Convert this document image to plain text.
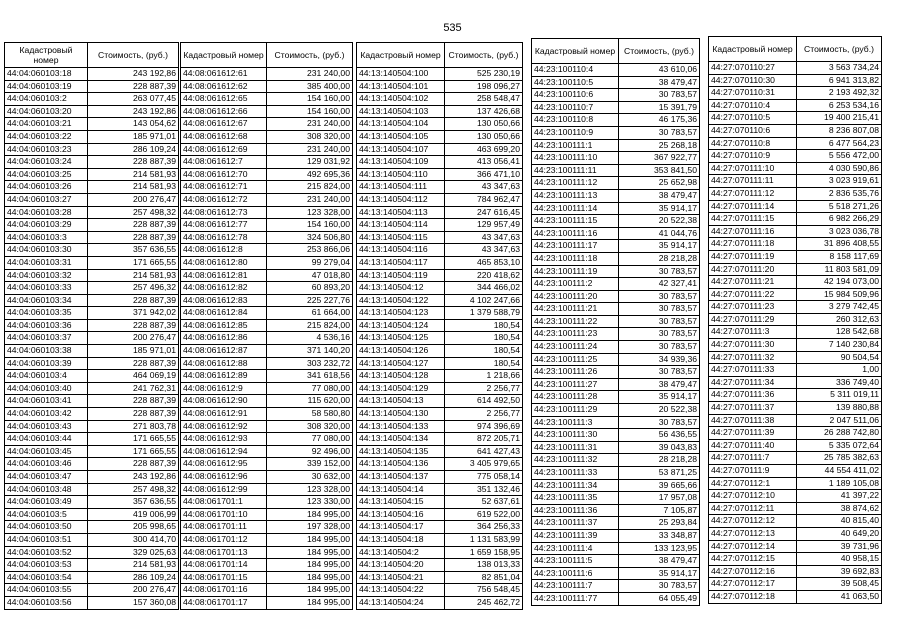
535
Кадастровый номер	Стоимость, (руб.)
44:04:060103:18	243 192,86
44:04:060103:19	228 887,39
44:04:060103:2	263 077,45
44:04:060103:20	243 192,86
44:04:060103:21	143 054,62
44:04:060103:22	185 971,01
44:04:060103:23	286 109,24
44:04:060103:24	228 887,39
44:04:060103:25	214 581,93
44:04:060103:26	214 581,93
44:04:060103:27	200 276,47
44:04:060103:28	257 498,32
44:04:060103:29	228 887,39
44:04:060103:3	228 887,39
44:04:060103:30	357 636,55
44:04:060103:31	171 665,55
44:04:060103:32	214 581,93
44:04:060103:33	257 496,32
44:04:060103:34	228 887,39
44:04:060103:35	371 942,02
44:04:060103:36	228 887,39
44:04:060103:37	200 276,47
44:04:060103:38	185 971,01
44:04:060103:39	228 887,39
44:04:060103:4	464 069,19
44:04:060103:40	241 762,31
44:04:060103:41	228 887,39
44:04:060103:42	228 887,39
44:04:060103:43	271 803,78
44:04:060103:44	171 665,55
44:04:060103:45	171 665,55
44:04:060103:46	228 887,39
44:04:060103:47	243 192,86
44:04:060103:48	257 498,32
44:04:060103:49	357 636,55
44:04:060103:5	419 006,99
44:04:060103:50	205 998,65
44:04:060103:51	300 414,70
44:04:060103:52	329 025,63
44:04:060103:53	214 581,93
44:04:060103:54	286 109,24
44:04:060103:55	200 276,47
44:04:060103:56	157 360,08
Кадастровый номер	Стоимость, (руб.)
44:08:061612:61	231 240,00
44:08:061612:62	385 400,00
44:08:061612:65	154 160,00
44:08:061612:66	154 160,00
44:08:061612:67	231 240,00
44:08:061612:68	308 320,00
44:08:061612:69	231 240,00
44:08:061612:7	129 031,92
44:08:061612:70	492 695,36
44:08:061612:71	215 824,00
44:08:061612:72	231 240,00
44:08:061612:73	123 328,00
44:08:061612:77	154 160,00
44:08:061612:78	324 506,80
44:08:061612:8	253 866,06
44:08:061612:80	99 279,04
44:08:061612:81	47 018,80
44:08:061612:82	60 893,20
44:08:061612:83	225 227,76
44:08:061612:84	61 664,00
44:08:061612:85	215 824,00
44:08:061612:86	4 536,16
44:08:061612:87	371 140,20
44:08:061612:88	303 232,72
44:08:061612:89	341 618,56
44:08:061612:9	77 080,00
44:08:061612:90	115 620,00
44:08:061612:91	58 580,80
44:08:061612:92	308 320,00
44:08:061612:93	77 080,00
44:08:061612:94	92 496,00
44:08:061612:95	339 152,00
44:08:061612:96	30 632,00
44:08:061612:99	123 328,00
44:08:061701:1	123 330,00
44:08:061701:10	184 995,00
44:08:061701:11	197 328,00
44:08:061701:12	184 995,00
44:08:061701:13	184 995,00
44:08:061701:14	184 995,00
44:08:061701:15	184 995,00
44:08:061701:16	184 995,00
44:08:061701:17	184 995,00
Кадастровый номер	Стоимость, (руб.)
44:13:140504:100	525 230,19
44:13:140504:101	198 096,27
44:13:140504:102	258 548,47
44:13:140504:103	137 426,68
44:13:140504:104	130 050,66
44:13:140504:105	130 050,66
44:13:140504:107	463 699,20
44:13:140504:109	413 056,41
44:13:140504:110	366 471,10
44:13:140504:111	43 347,63
44:13:140504:112	784 962,47
44:13:140504:113	247 616,45
44:13:140504:114	129 957,49
44:13:140504:115	43 347,63
44:13:140504:116	43 347,63
44:13:140504:117	465 853,10
44:13:140504:119	220 418,62
44:13:140504:12	344 466,02
44:13:140504:122	4 102 247,66
44:13:140504:123	1 379 588,79
44:13:140504:124	180,54
44:13:140504:125	180,54
44:13:140504:126	180,54
44:13:140504:127	180,54
44:13:140504:128	1 218,66
44:13:140504:129	2 256,77
44:13:140504:13	614 492,50
44:13:140504:130	2 256,77
44:13:140504:133	974 396,69
44:13:140504:134	872 205,71
44:13:140504:135	641 427,43
44:13:140504:136	3 405 979,65
44:13:140504:137	775 058,14
44:13:140504:14	351 132,46
44:13:140504:15	52 637,61
44:13:140504:16	619 522,00
44:13:140504:17	364 256,33
44:13:140504:18	1 131 583,99
44:13:140504:2	1 659 158,95
44:13:140504:20	138 013,33
44:13:140504:21	82 851,04
44:13:140504:22	756 548,45
44:13:140504:24	245 462,72
Кадастровый номер	Стоимость, (руб.)
44:23:100110:4	43 610,06
44:23:100110:5	38 479,47
44:23:100110:6	30 783,57
44:23:100110:7	15 391,79
44:23:100110:8	46 175,36
44:23:100110:9	30 783,57
44:23:100111:1	25 268,18
44:23:100111:10	367 922,77
44:23:100111:11	353 841,50
44:23:100111:12	25 652,98
44:23:100111:13	38 479,47
44:23:100111:14	35 914,17
44:23:100111:15	20 522,38
44:23:100111:16	41 044,76
44:23:100111:17	35 914,17
44:23:100111:18	28 218,28
44:23:100111:19	30 783,57
44:23:100111:2	42 327,41
44:23:100111:20	30 783,57
44:23:100111:21	30 783,57
44:23:100111:22	30 783,57
44:23:100111:23	30 783,57
44:23:100111:24	30 783,57
44:23:100111:25	34 939,36
44:23:100111:26	30 783,57
44:23:100111:27	38 479,47
44:23:100111:28	35 914,17
44:23:100111:29	20 522,38
44:23:100111:3	30 783,57
44:23:100111:30	56 436,55
44:23:100111:31	39 043,83
44:23:100111:32	28 218,28
44:23:100111:33	53 871,25
44:23:100111:34	39 665,66
44:23:100111:35	17 957,08
44:23:100111:36	7 105,87
44:23:100111:37	25 293,84
44:23:100111:39	33 348,87
44:23:100111:4	133 123,95
44:23:100111:5	38 479,47
44:23:100111:6	35 914,17
44:23:100111:7	30 783,57
44:23:100111:77	64 055,49
Кадастровый номер	Стоимость, (руб.)
44:27:070110:27	3 563 734,24
44:27:070110:30	6 941 313,82
44:27:070110:31	2 193 492,32
44:27:070110:4	6 253 534,16
44:27:070110:5	19 400 215,41
44:27:070110:6	8 236 807,08
44:27:070110:8	6 477 564,23
44:27:070110:9	5 556 472,00
44:27:070111:10	4 030 590,86
44:27:070111:11	3 023 919,61
44:27:070111:12	2 836 535,76
44:27:070111:14	5 518 271,26
44:27:070111:15	6 982 266,29
44:27:070111:16	3 023 036,78
44:27:070111:18	31 896 408,55
44:27:070111:19	8 158 117,69
44:27:070111:20	11 803 581,09
44:27:070111:21	42 194 073,00
44:27:070111:22	15 984 509,96
44:27:070111:23	3 279 742,45
44:27:070111:29	260 312,63
44:27:070111:3	128 542,68
44:27:070111:30	7 140 230,84
44:27:070111:32	90 504,54
44:27:070111:33	1,00
44:27:070111:34	336 749,40
44:27:070111:36	5 311 019,11
44:27:070111:37	139 880,88
44:27:070111:38	2 047 511,06
44:27:070111:39	26 288 742,80
44:27:070111:40	5 335 072,64
44:27:070111:7	25 785 382,63
44:27:070111:9	44 554 411,02
44:27:070112:1	1 189 105,08
44:27:070112:10	41 397,22
44:27:070112:11	38 874,62
44:27:070112:12	40 815,40
44:27:070112:13	40 649,20
44:27:070112:14	39 731,96
44:27:070112:15	40 958,15
44:27:070112:16	39 692,83
44:27:070112:17	39 508,45
44:27:070112:18	41 063,50
